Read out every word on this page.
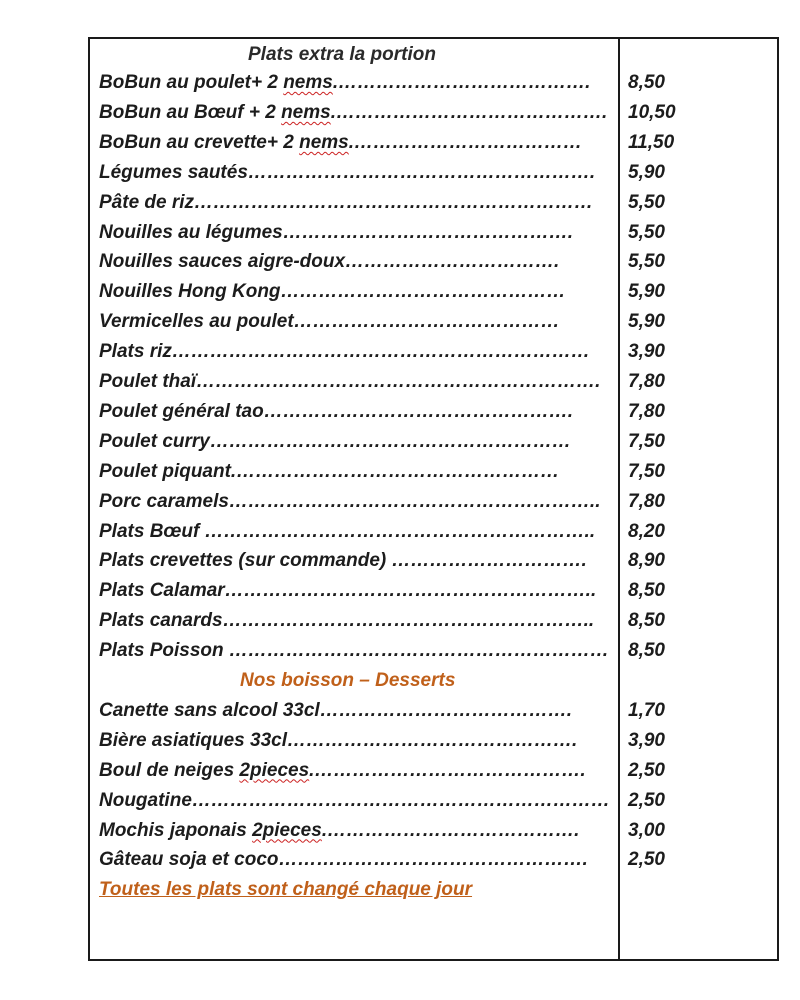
Plats extra la portion
BoBun au poulet+ 2 nems.…………………………………. 8,50
BoBun au Bœuf + 2 nems.……………………………………. 10,50
BoBun au crevette+ 2 nems.……………………………… 11,50
Légumes sautés………………………………………………. 5,90
Pâte de riz……………………………………………………… 5,50
Nouilles au légumes……………………………………….	5,50
Nouilles sauces aigre-doux…………………………….	5,50
Nouilles Hong Kong………………………………………	5,90
Vermicelles au poulet……………………………………	5,90
Plats riz………………………………………………………… 3,90
Poulet thaï………………………………………………………. 7,80
Poulet général tao………………………………………….	7,80
Poulet curry…………………………………………………	7,50
Poulet piquant.……………………………………………	7,50
Porc caramels………………………………………………….. 7,80
Plats Bœuf …………………………………………………….. 8,20
Plats crevettes (sur commande) …………………………. 8,90
Plats Calamar………………………………………………….. 8,50
Plats canards………………………………………………….. 8,50
Plats Poisson …………………………………………………… 8,50
Canette sans alcool 33cl………………………………….	1,70
Bière asiatiques 33cl……………………………………….	3,90
Boul de neiges 2pieces.……………………………………. 2,50
Nougatine………………………………………………………… 2,50
Mochis japonais 2pieces.………………………………….	3,00
Gâteau soja et coco…………………………………………. 2,50
Nos boisson – Desserts
Toutes les plats sont changé chaque jour
